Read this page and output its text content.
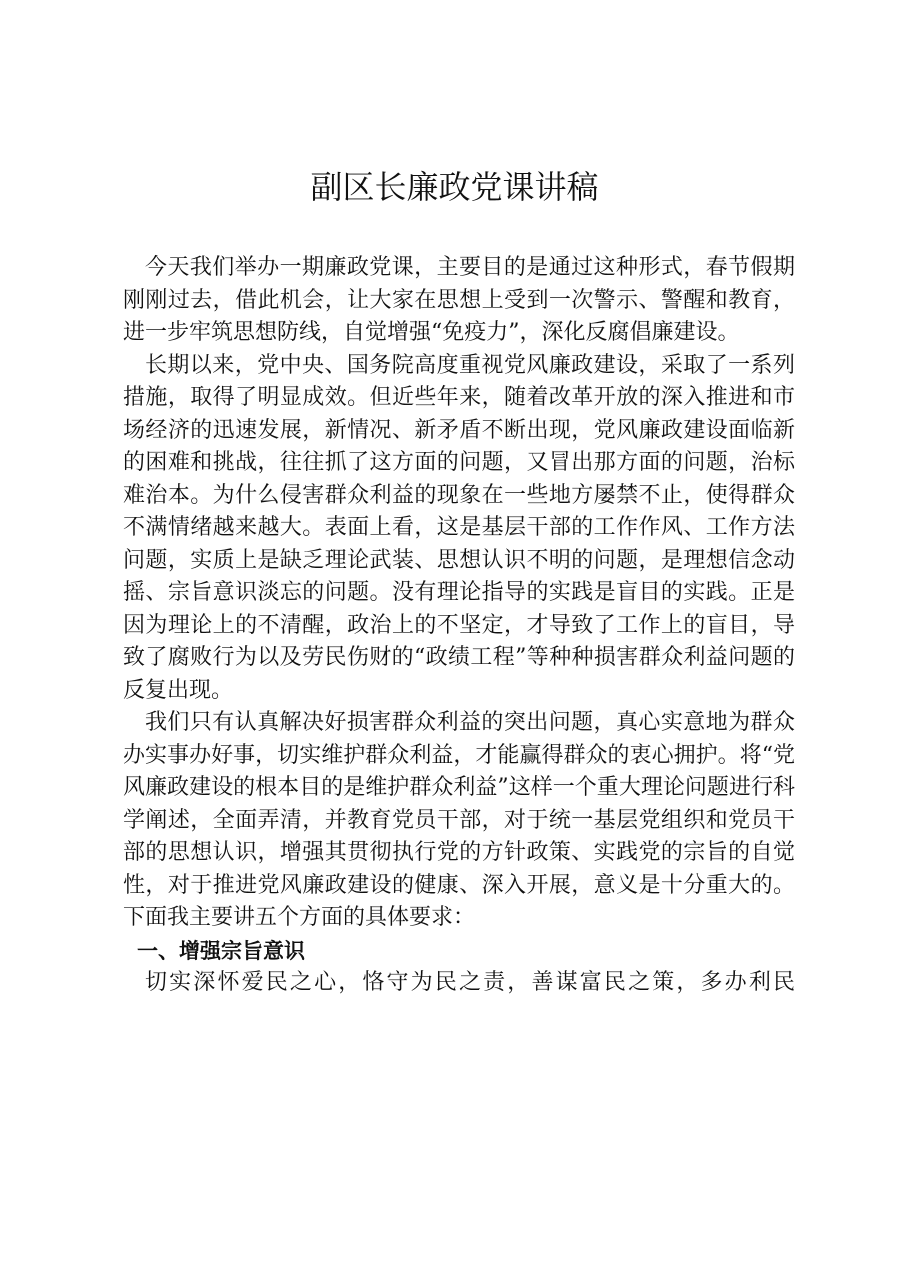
副区长廉政党课讲稿

今天我们举办一期廉政党课，主要目的是通过这种形式，春节假期刚刚过去，借此机会，让大家在思想上受到一次警示、警醒和教育，进一步牢筑思想防线，自觉增强“免疫力”，深化反腐倡廉建设。

长期以来，党中央、国务院高度重视党风廉政建设，采取了一系列措施，取得了明显成效。但近些年来，随着改革开放的深入推进和市场经济的迅速发展，新情况、新矛盾不断出现，党风廉政建设面临新的困难和挑战，往往抓了这方面的问题，又冒出那方面的问题，治标难治本。为什么侵害群众利益的现象在一些地方屡禁不止，使得群众不满情绪越来越大。表面上看，这是基层干部的工作作风、工作方法问题，实质上是缺乏理论武装、思想认识不明的问题，是理想信念动摇、宗旨意识淡忘的问题。没有理论指导的实践是盲目的实践。正是因为理论上的不清醒，政治上的不坚定，才导致了工作上的盲目，导致了腐败行为以及劳民伤财的“政绩工程”等种种损害群众利益问题的反复出现。

我们只有认真解决好损害群众利益的突出问题，真心实意地为群众办实事办好事，切实维护群众利益，才能赢得群众的衷心拥护。将“党风廉政建设的根本目的是维护群众利益”这样一个重大理论问题进行科学阐述，全面弄清，并教育党员干部，对于统一基层党组织和党员干部的思想认识，增强其贯彻执行党的方针政策、实践党的宗旨的自觉性，对于推进党风廉政建设的健康、深入开展，意义是十分重大的。下面我主要讲五个方面的具体要求：

一、增强宗旨意识

切实深怀爱民之心，恪守为民之责，善谋富民之策，多办利民
